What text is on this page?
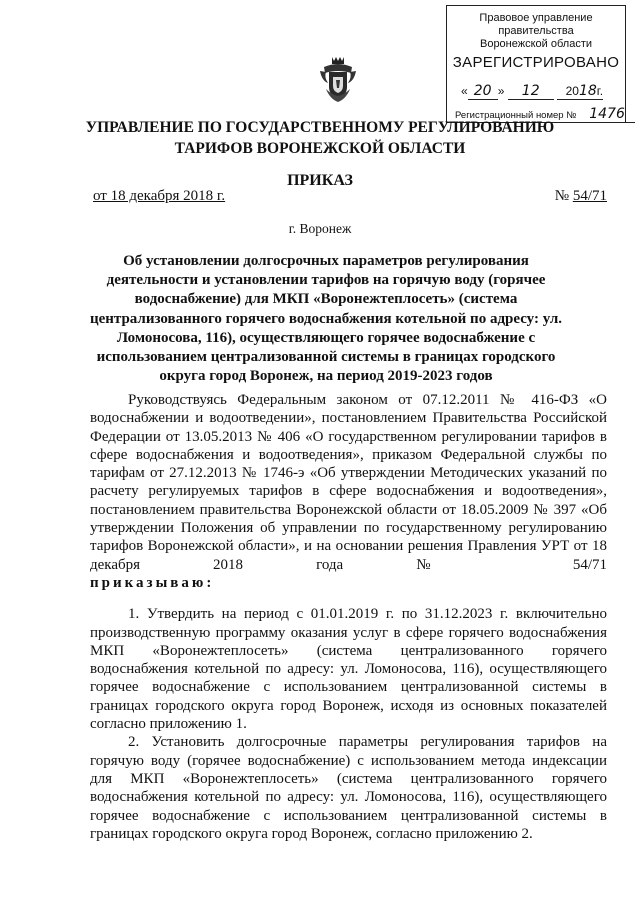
Правовое управление правительства
Воронежской области
ЗАРЕГИСТРИРОВАНО
« 20 » 12 2018г.
Регистрационный номер № 1476
УПРАВЛЕНИЕ ПО ГОСУДАРСТВЕННОМУ РЕГУЛИРОВАНИЮ
ТАРИФОВ ВОРОНЕЖСКОЙ ОБЛАСТИ
ПРИКАЗ
от 18 декабря 2018 г.	№ 54/71
г. Воронеж
Об установлении долгосрочных параметров регулирования деятельности и установлении тарифов на горячую воду (горячее водоснабжение) для МКП «Воронежтеплосеть» (система централизованного горячего водоснабжения котельной по адресу: ул. Ломоносова, 116), осуществляющего горячее водоснабжение с использованием централизованной системы в границах городского округа город Воронеж, на период 2019-2023 годов

Руководствуясь Федеральным законом от 07.12.2011 № 416-ФЗ «О водоснабжении и водоотведении», постановлением Правительства Российской Федерации от 13.05.2013 № 406 «О государственном регулировании тарифов в сфере водоснабжения и водоотведения», приказом Федеральной службы по тарифам от 27.12.2013 № 1746-э «Об утверждении Методических указаний по расчету регулируемых тарифов в сфере водоснабжения и водоотведения», постановлением правительства Воронежской области от 18.05.2009 № 397 «Об утверждении Положения об управлении по государственному регулированию тарифов Воронежской области», и на основании решения Правления УРТ от 18 декабря 2018 года № 54/71

приказываю:

1. Утвердить на период с 01.01.2019 г. по 31.12.2023 г. включительно производственную программу оказания услуг в сфере горячего водоснабжения МКП «Воронежтеплосеть» (система централизованного горячего водоснабжения котельной по адресу: ул. Ломоносова, 116), осуществляющего горячее водоснабжение с использованием централизованной системы в границах городского округа город Воронеж, исходя из основных показателей согласно приложению 1.

2. Установить долгосрочные параметры регулирования тарифов на горячую воду (горячее водоснабжение) с использованием метода индексации для МКП «Воронежтеплосеть» (система централизованного горячего водоснабжения котельной по адресу: ул. Ломоносова, 116), осуществляющего горячее водоснабжение с использованием централизованной системы в границах городского округа город Воронеж, согласно приложению 2.
